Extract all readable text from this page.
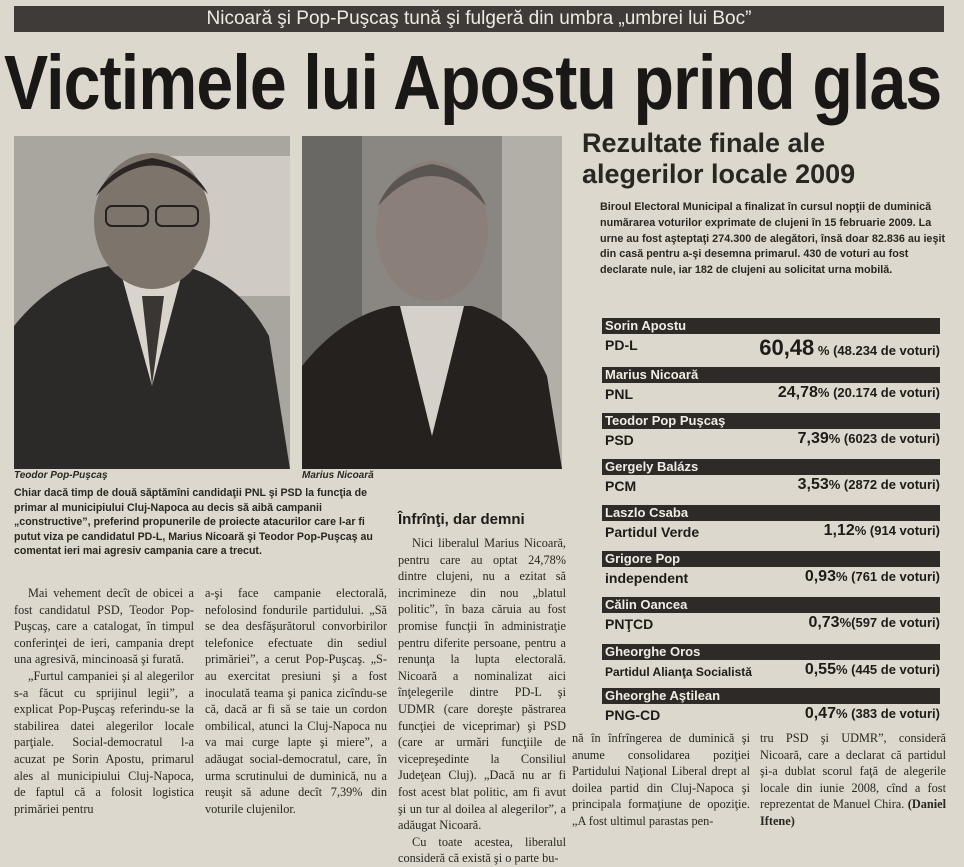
Nicoară şi Pop-Puşcaş tună şi fulgeră din umbra „umbrei lui Boc”
Victimele lui Apostu prind glas
Teodor Pop-Puşcaş	Marius Nicoară
Chiar dacă timp de două săptămîni candidaţii PNL şi PSD la funcţia de primar al municipiului Cluj-Napoca au decis să aibă campanii „constructive”, preferind propunerile de proiecte atacurilor care l-ar fi putut viza pe candidatul PD-L, Marius Nicoară şi Teodor Pop-Puşcaş au comentat ieri mai agresiv campania care a trecut.

Mai vehement decît de obicei a fost candidatul PSD, Teodor Pop-Puşcaş, care a catalogat, în timpul conferinţei de ieri, campania drept una agresivă, mincinoasă şi furată.

„Furtul campaniei şi al alegerilor s-a făcut cu sprijinul legii”, a explicat Pop-Puşcaş referindu-se la stabilirea datei alegerilor locale parţiale. Social-democratul l-a acuzat pe Sorin Apostu, primarul ales al municipiului Cluj-Napoca, de faptul că a folosit logistica primăriei pentru

a-şi face campanie electorală, nefolosind fondurile partidului. „Să se dea desfăşurătorul convorbirilor telefonice efectuate din sediul primăriei”, a cerut Pop-Puşcaş. „S-au exercitat presiuni şi a fost inoculată teama şi panica zicîndu-se că, dacă ar fi să se taie un cordon ombilical, atunci la Cluj-Napoca nu va mai curge lapte şi miere”, a adăugat social-democratul, care, în urma scrutinului de duminică, nu a reuşit să adune decît 7,39% din voturile clujenilor.

Înfrînţi, dar demni

Nici liberalul Marius Nicoară, pentru care au optat 24,78% dintre clujeni, nu a ezitat să incrimineze din nou „blatul politic”, în baza căruia au fost promise funcţii în administraţie pentru diferite persoane, pentru a renunţa la lupta electorală. Nicoară a nominalizat aici înţelegerile dintre PD-L şi UDMR (care doreşte păstrarea funcţiei de viceprimar) şi PSD (care ar urmări funcţiile de vicepreşedinte la Consiliul Judeţean Cluj). „Dacă nu ar fi fost acest blat politic, am fi avut şi un tur al doilea al alegerilor”, a adăugat Nicoară.

Cu toate acestea, liberalul consideră că există şi o parte bu-

nă în înfrîngerea de duminică şi anume consolidarea poziţiei Partidului Naţional Liberal drept al doilea partid din Cluj-Napoca şi principala formaţiune de opoziţie. „A fost ultimul parastas pen-

tru PSD şi UDMR”, consideră Nicoară, care a declarat că partidul şi-a dublat scorul faţă de alegerile locale din iunie 2008, cînd a fost reprezentat de Manuel Chira. (Daniel Iftene)

Rezultate finale ale alegerilor locale 2009
Biroul Electoral Municipal a finalizat în cursul nopţii de duminică numărarea voturilor exprimate de clujeni în 15 februarie 2009. La urne au fost aşteptaţi 274.300 de alegători, însă doar 82.836 au ieşit din casă pentru a-şi desemna primarul. 430 de voturi au fost declarate nule, iar 182 de clujeni au solicitat urna mobilă.
Sorin Apostu
PD-L	60,48 % (48.234 de voturi)
Marius Nicoară
PNL	24,78% (20.174 de voturi)
Teodor Pop Puşcaş
PSD	7,39% (6023 de voturi)
Gergely Balázs
PCM	3,53% (2872 de voturi)
Laszlo Csaba
Partidul Verde	1,12% (914 voturi)
Grigore Pop
independent	0,93% (761 de voturi)
Călin Oancea
PNŢCD	0,73%(597 de voturi)
Gheorghe Oros
Partidul Alianţa Socialistă	0,55% (445 de voturi)
Gheorghe Aştilean
PNG-CD	0,47% (383 de voturi)
